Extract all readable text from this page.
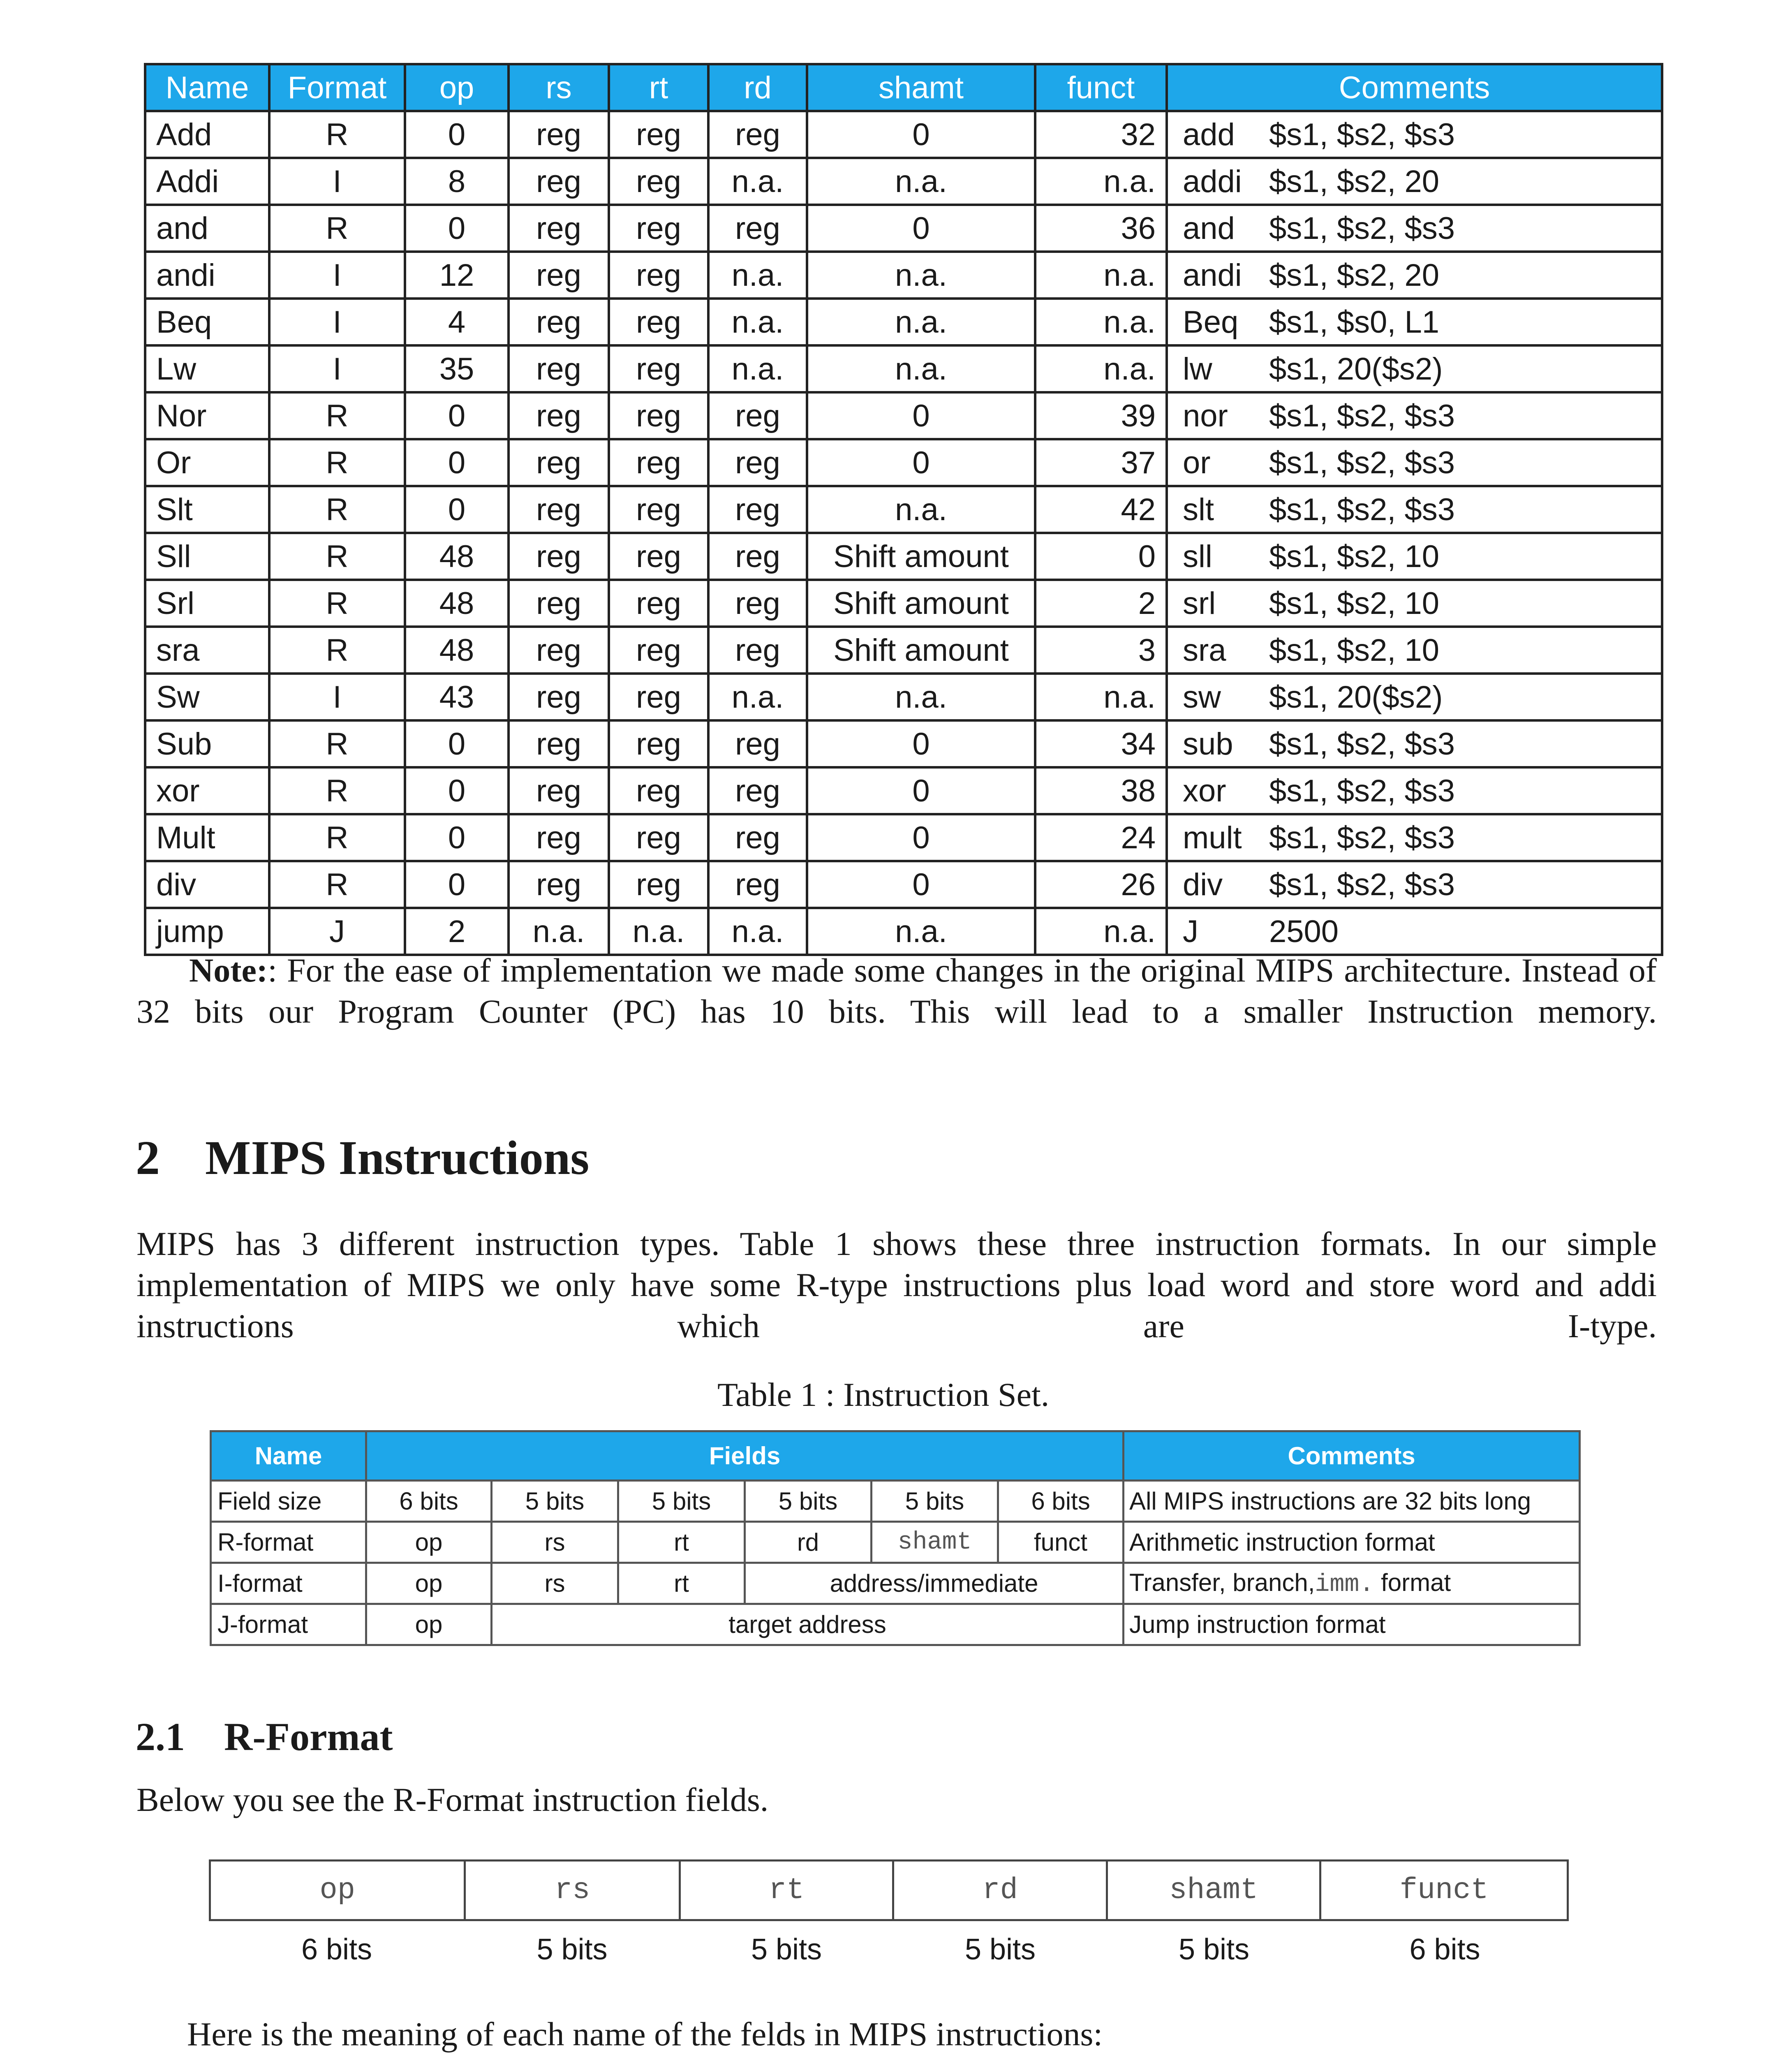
Name	Format	op	rs	rt	rd	shamt	funct	Comments
Add	R	0	reg	reg	reg	0	32	add $s1, $s2, $s3
Addi	I	8	reg	reg	n.a.	n.a.	n.a.	addi $s1, $s2, 20
and	R	0	reg	reg	reg	0	36	and $s1, $s2, $s3
andi	I	12	reg	reg	n.a.	n.a.	n.a.	andi $s1, $s2, 20
Beq	I	4	reg	reg	n.a.	n.a.	n.a.	Beq $s1, $s0, L1
Lw	I	35	reg	reg	n.a.	n.a.	n.a.	lw $s1, 20($s2)
Nor	R	0	reg	reg	reg	0	39	nor $s1, $s2, $s3
Or	R	0	reg	reg	reg	0	37	or $s1, $s2, $s3
Slt	R	0	reg	reg	reg	n.a.	42	slt $s1, $s2, $s3
Sll	R	48	reg	reg	reg	Shift amount	0	sll $s1, $s2, 10
Srl	R	48	reg	reg	reg	Shift amount	2	srl $s1, $s2, 10
sra	R	48	reg	reg	reg	Shift amount	3	sra $s1, $s2, 10
Sw	I	43	reg	reg	n.a.	n.a.	n.a.	sw $s1, 20($s2)
Sub	R	0	reg	reg	reg	0	34	sub $s1, $s2, $s3
xor	R	0	reg	reg	reg	0	38	xor $s1, $s2, $s3
Mult	R	0	reg	reg	reg	0	24	mult $s1, $s2, $s3
div	R	0	reg	reg	reg	0	26	div $s1, $s2, $s3
jump	J	2	n.a.	n.a.	n.a.	n.a.	n.a.	J 2500
Note:: For the ease of implementation we made some changes in the original MIPS architecture. Instead of 32 bits our Program Counter (PC) has 10 bits. This will lead to a smaller Instruction memory.
2 MIPS Instructions
MIPS has 3 different instruction types. Table 1 shows these three instruction formats. In our simple implementation of MIPS we only have some R-type instructions plus load word and store word and addi instructions which are I-type.
Table 1 : Instruction Set.
Name	Fields						Comments
Field size	6 bits	5 bits	5 bits	5 bits	5 bits	6 bits	All MIPS instructions are 32 bits long
R-format	op	rs	rt	rd	shamt	funct	Arithmetic instruction format
I-format	op	rs	rt	address/immediate			Transfer, branch,imm. format
J-format	op	target address					Jump instruction format
2.1 R-Format
Below you see the R-Format instruction fields.
op	rs	rt	rd	shamt	funct
6 bits	5 bits	5 bits	5 bits	5 bits	6 bits
Here is the meaning of each name of the felds in MIPS instructions:
